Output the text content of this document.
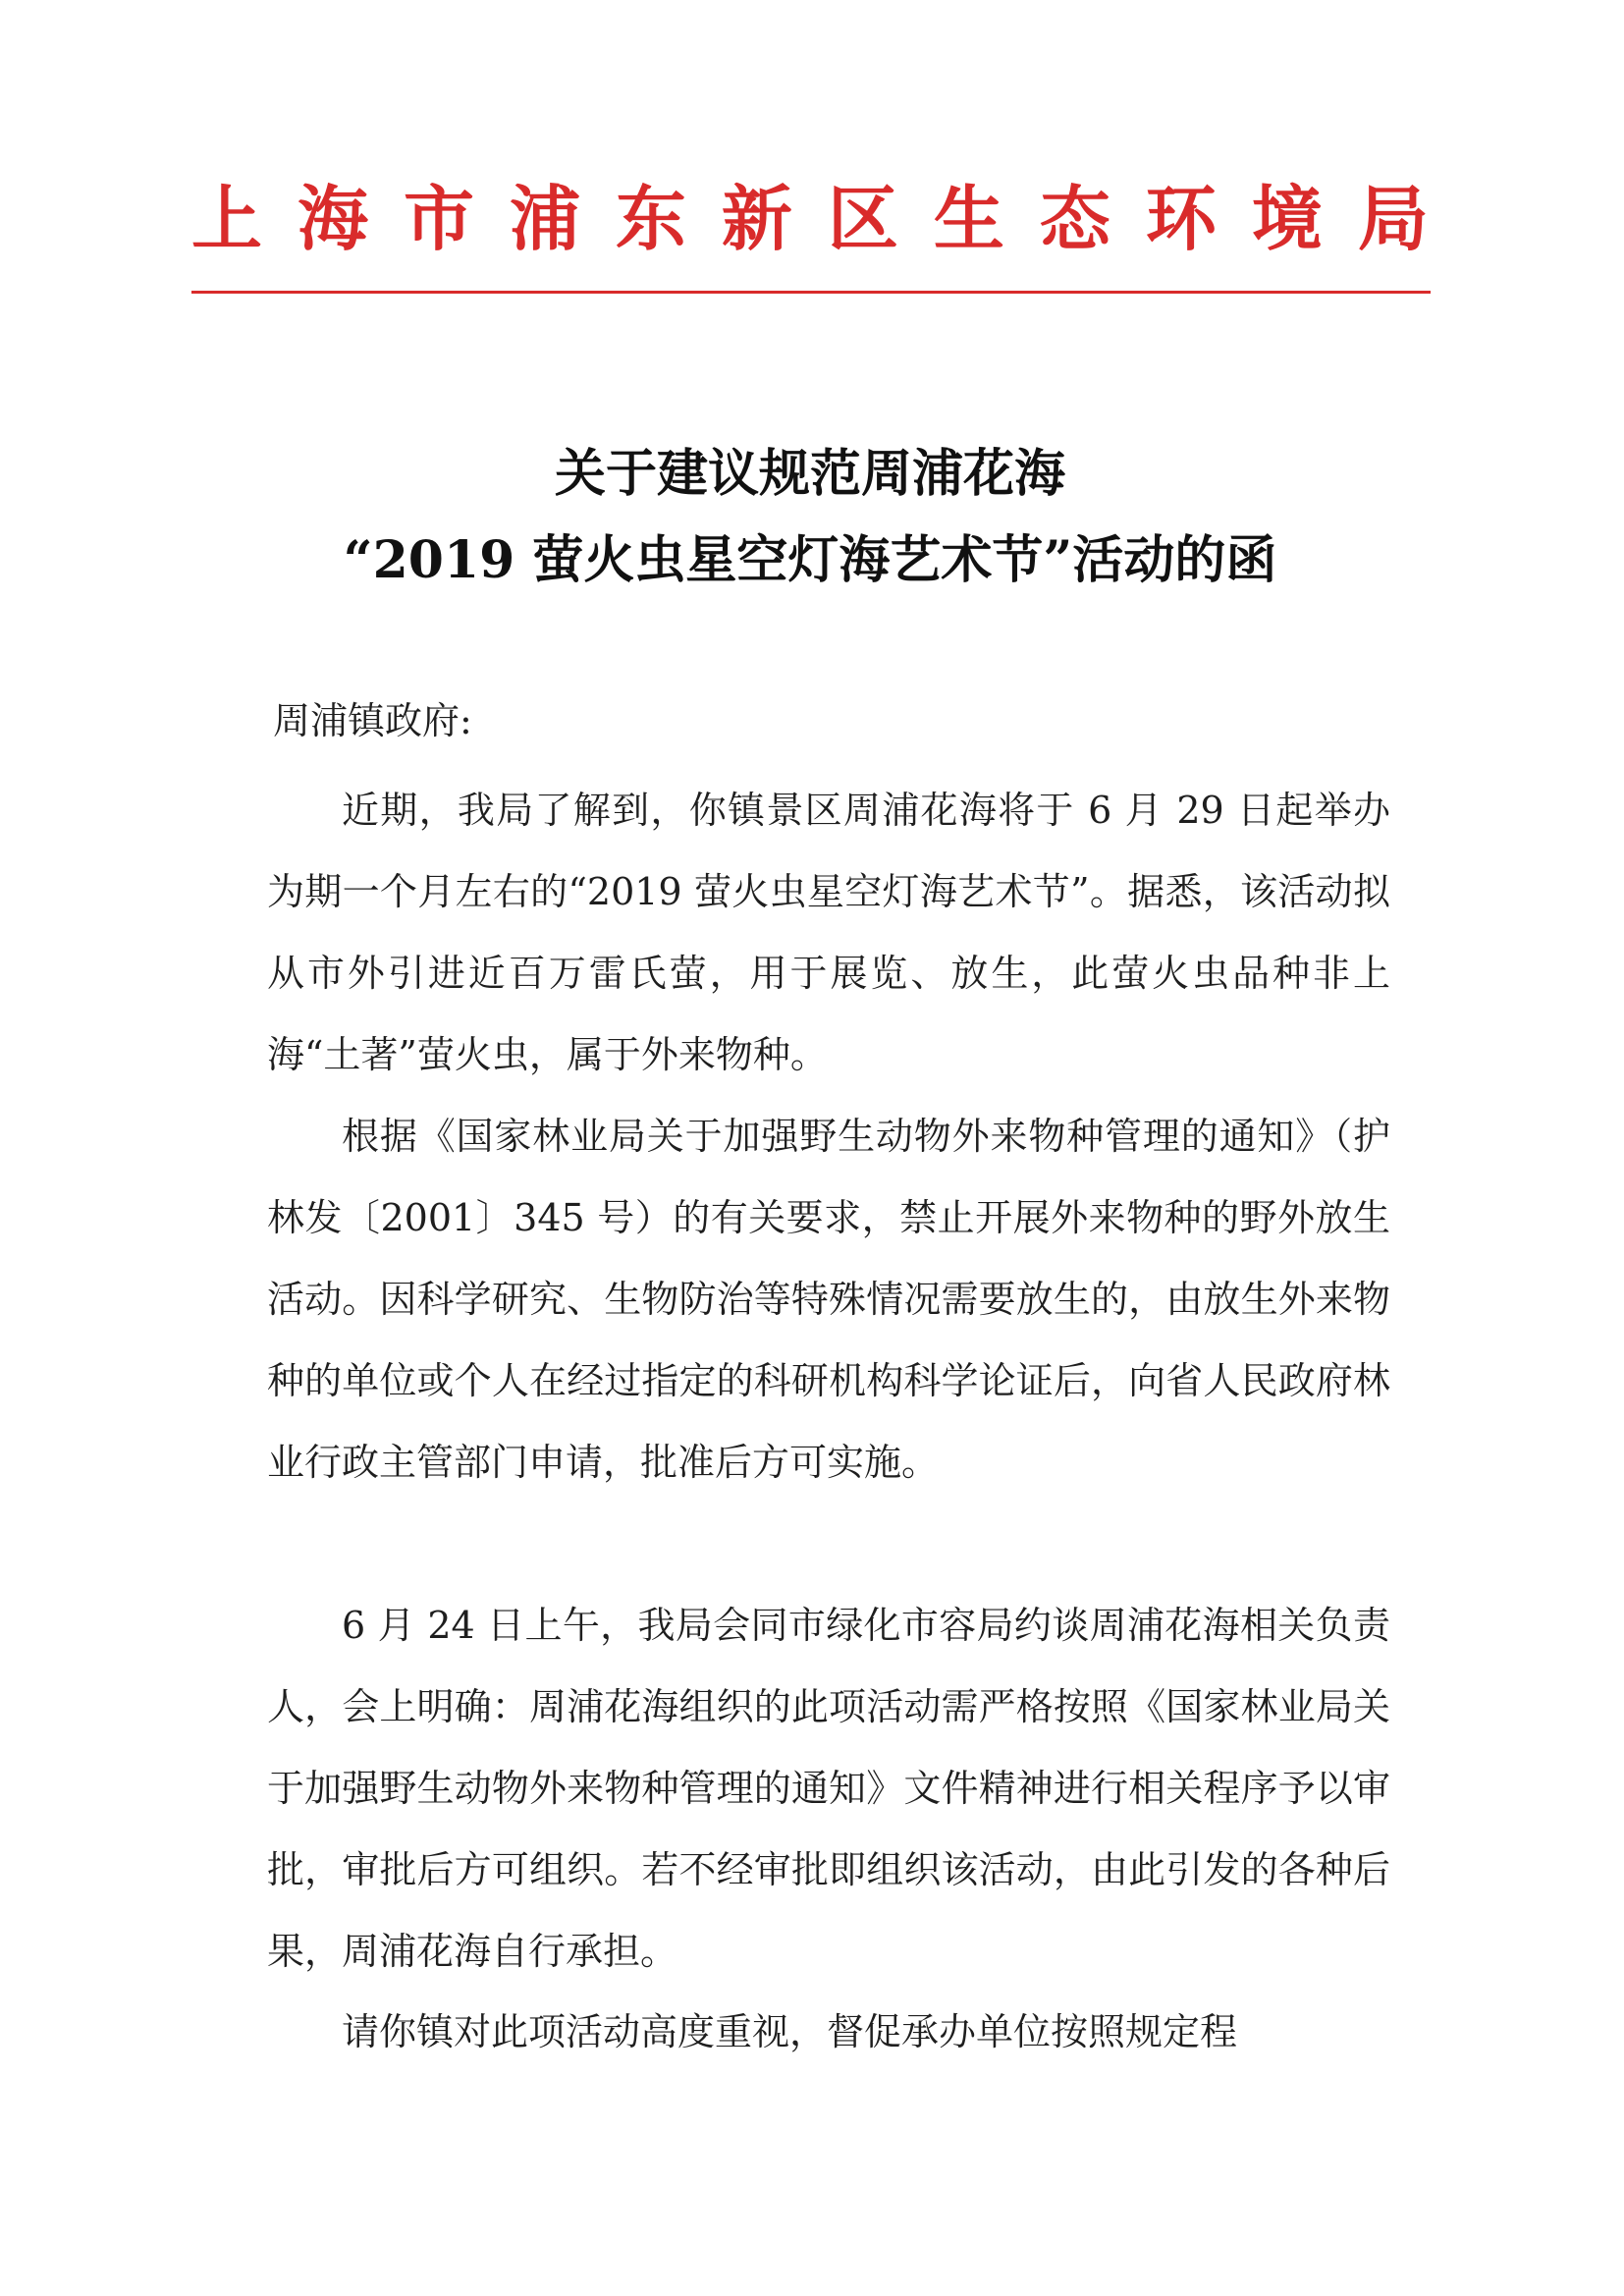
上 海 市 浦 东 新 区 生 态 环 境 局
关于建议规范周浦花海
“2019 萤火虫星空灯海艺术节”活动的函

周浦镇政府:

近期，我局了解到，你镇景区周浦花海将于 6 月 29 日起举办为期一个月左右的“2019 萤火虫星空灯海艺术节”。据悉，该活动拟从市外引进近百万雷氏萤，用于展览、放生，此萤火虫品种非上海“土著”萤火虫，属于外来物种。

根据《国家林业局关于加强野生动物外来物种管理的通知》（护林发〔2001〕345 号）的有关要求，禁止开展外来物种的野外放生活动。因科学研究、生物防治等特殊情况需要放生的，由放生外来物种的单位或个人在经过指定的科研机构科学论证后，向省人民政府林业行政主管部门申请，批准后方可实施。

6 月 24 日上午，我局会同市绿化市容局约谈周浦花海相关负责人，会上明确：周浦花海组织的此项活动需严格按照《国家林业局关于加强野生动物外来物种管理的通知》文件精神进行相关程序予以审批，审批后方可组织。若不经审批即组织该活动，由此引发的各种后果，周浦花海自行承担。

请你镇对此项活动高度重视，督促承办单位按照规定程
